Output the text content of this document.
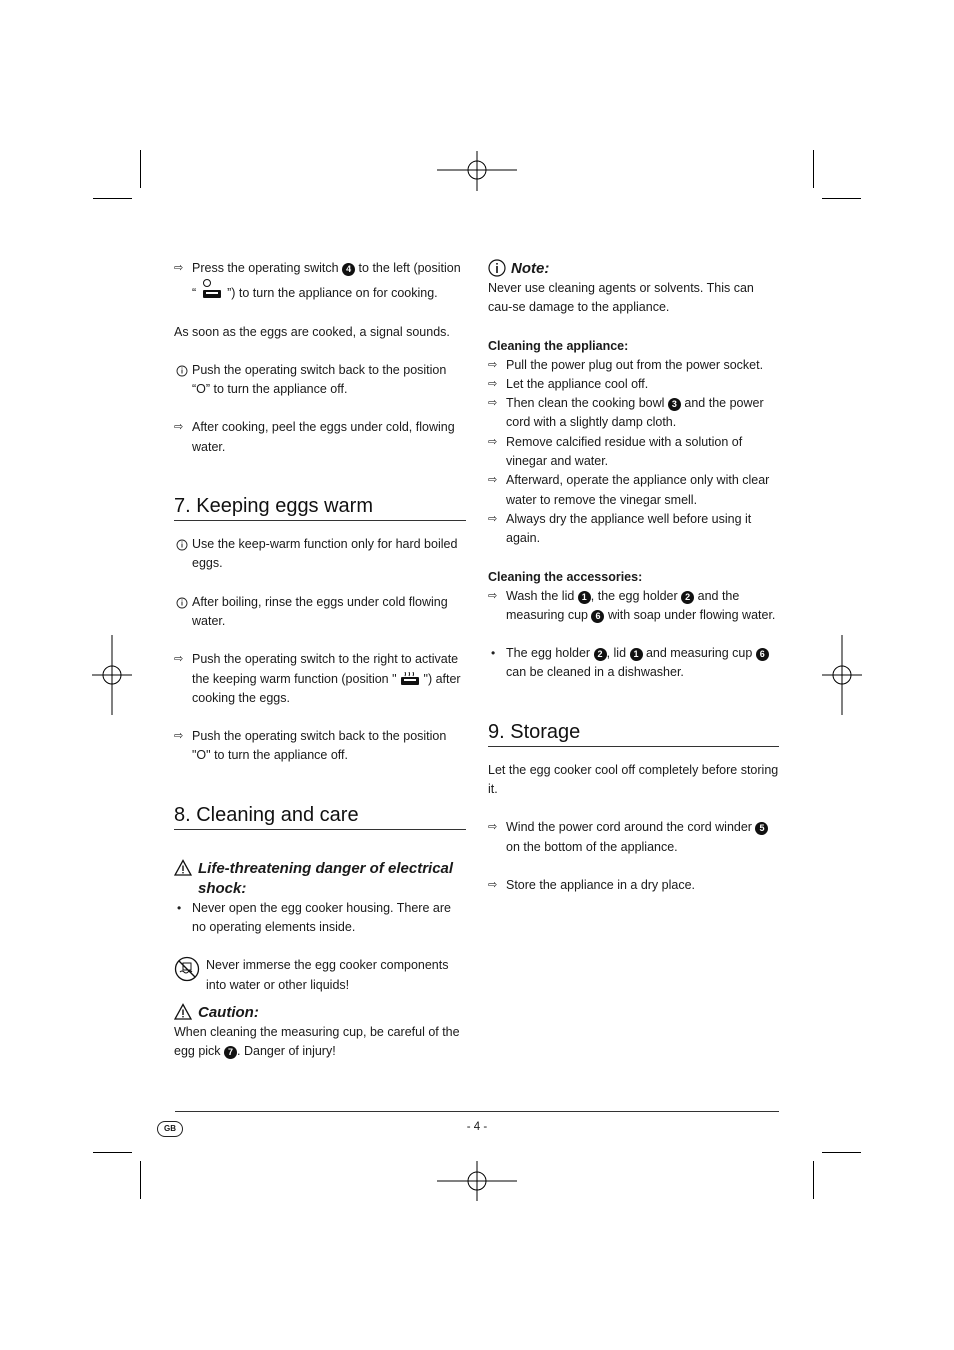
⇨ Press the operating switch 4 to the left (position
“  ”) to turn the appliance on for cooking.

As soon as the eggs are cooked, a signal sounds.

Push the operating switch back to the position “O” to turn the appliance off.
⇨ After cooking, peel the eggs under cold, flowing water.
7. Keeping eggs warm
Use the keep-warm function only for hard boiled eggs.
After boiling, rinse the eggs under cold flowing water.
⇨ Push the operating switch to the right to activate the keeping warm function (position "  ") after cooking the eggs.
⇨ Push the operating switch back to the position "O" to turn the appliance off.
8. Cleaning and care

Life-threatening danger of electrical shock:

• Never open the egg cooker housing. There are no operating elements inside.

Never immerse the egg cooker components into water or other liquids!

Caution:

When cleaning the measuring cup, be careful of the egg pick 7 . Danger of injury!

Note:

Never use cleaning agents or solvents. This can cau-se damage to the appliance.

Cleaning the appliance:

⇨ Pull the power plug out from the power socket.
⇨ Let the appliance cool off.
⇨ Then clean the cooking bowl 3 and the power cord with a slightly damp cloth.
⇨ Remove calcified residue with a solution of vinegar and water.
⇨ Afterward, operate the appliance only with clear water to remove the vinegar smell.
⇨ Always dry the appliance well before using it again.

Cleaning the accessories:

⇨ Wash the lid 1 , the egg holder 2 and the measuring cup 6 with soap under flowing water.
• The egg holder 2 , lid 1 and measuring cup 6 can be cleaned in a dishwasher.
9. Storage

Let the egg cooker cool off completely before storing it.

⇨ Wind the power cord around the cord winder 5 on the bottom of the appliance.
⇨ Store the appliance in a dry place.
GB	- 4 -
